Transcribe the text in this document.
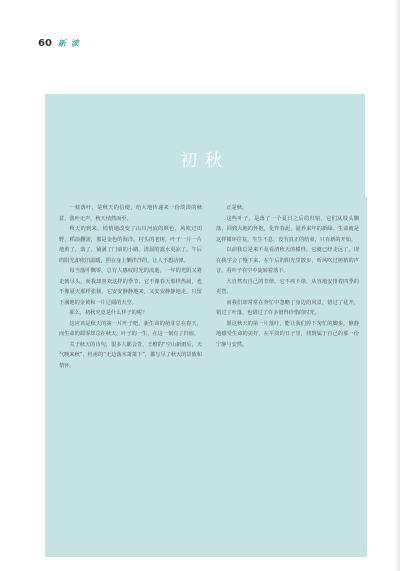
60 新 读
初秋

一枝落叶，是秋天的信使，给大地传递来一份淡淡的秋意，落叶无声，秋天悄然而至。

秋天的到来，悄悄地改变了山川河流的颜色，风吹过田野，稻浪翻滚，那是金色的海洋。村头的老树，叶子一片一片地黄了，落了，铺满了门前的小路。清晨的露水更凉了，午后的阳光却依旧温暖，照在身上懒洋洋的，让人不想动弹。

每当落叶飘零，总有人感叹时光的流逝，一年的光阴又将走到尽头，而我却喜欢这样的季节，它不像春天那样热闹，也不像夏天那样张扬，它安安静静地来，又安安静静地走，只留下满地的金黄和一片辽阔的天空。

那么，初秋究竟是什么样子的呢？

这应该是秋天的第一片叶子吧，新生命的萌芽总在春天，而生命的凋零却总在秋天，叶子的一生，在这一刻有了归宿。

关于秋天的诗句，很多人都会背，王维的“空山新雨后，天气晚来秋”，杜甫的“无边落木萧萧下”，都写尽了秋天的景致和情怀。

正是秋。

这些叶子，是落了一个夏日之后的归宿，它们从枝头飘落，回到大地的怀抱，化作春泥，滋养来年的新绿。生命就是这样循环往复，生生不息，没有真正的结束，只有新的开始。

以前我总是来不及看清秋天的模样，它就已经走远了。现在我学会了慢下来，在午后的阳光里散步，听风吹过树梢的声音，看叶子在空中旋转着落下。

大自然有自己的节律，它不疾不徐，从容地安排着四季的更替。

而我们却常常在奔忙中忽略了身边的风景，错过了花开，错过了叶落，也错过了许多值得珍惜的时光。

愿这秋天的第一片落叶，能让我们停下匆忙的脚步，静静地感受生命的美好，在平淡的日子里，找到属于自己的那一份宁静与安然。
